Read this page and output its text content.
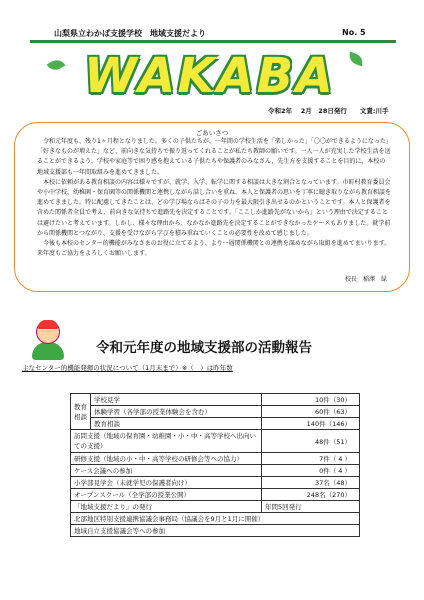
山梨県立わかば支援学校　地域支援だより	No. 5
W A K A B A
令和2年　 2月　28日発行　　文責:川手
ごあいさつ

令和元年度も、残り1ヶ月程となりました。多くの子供たちが、一年間の学校生活を「楽しかった」「〇〇ができるようになった」「好きなものが増えた」など、前向きな気持ちで振り返ってくれることが私たち教師の願いです。一人一人が充実した学校生活を送ることができるよう、学校や家庭等で困り感を抱えている子供たちや保護者のみなさん、先生方を支援することを目的に、本校の地域支援部も一年間取組みを進めてきました。

本校に依頼がある教育相談の内容は様々ですが、就学、入学、転学に関する相談は大きな割合となっています。市町村教育委員会や小中学校、幼稚園・保育園等の関係機関と連携しながら話し合いを重ね、本人と保護者の思いを丁寧に聴き取りながら教育相談を進めてきました。特に配慮してきたことは、どの学び場ならばその子の力を最大限引き出せるのかということです。本人と保護者を含めた関係者全員で考え、前向きな気持ちで進路先を決定することです。「ここしか進路先がないから」という理由で決定することは避けたいと考えています。しかし、様々な理由から、なかなか進路先を決定することができなかったケースもありました。就学前から関係機関とつながり、支援を受けながら学びを積み重ねていくことの必要性を改めて感じました。

今後も本校のセンター的機能がみなさまのお役に立てるよう、より一層関係機関との連携を深めながら取組を進めてまいります。来年度もご協力をよろしくお願いします。

校長　稲澤　緑
令和元年度の地域支援部の活動報告
主なセンター的機能発揮の状況について（1月末まで）※（　）は昨年数
教育相談	学校見学	10件（30）
	体験学習（各学部の授業体験会を含む）	60件（63）
	教育相談	140件（146）
訪問支援（地域の保育園・幼稚園・小・中・高等学校へ出向いての支援）		48件（51）
研修支援（地域の小・中・高等学校の研修会等への協力）		7件（ 4 ）
ケース会議への参加		0件（ 4 ）
小学部見学会（未就学児の保護者向け）		37名（48）
オープンスクール（全学部の授業公開）		248名（270）
「地域支援だより」の発行		年間5回発行
北部地区特別支援連携協議会事務局（協議会を9月と1月に開催）		
地域自立支援協議会等への参加		
